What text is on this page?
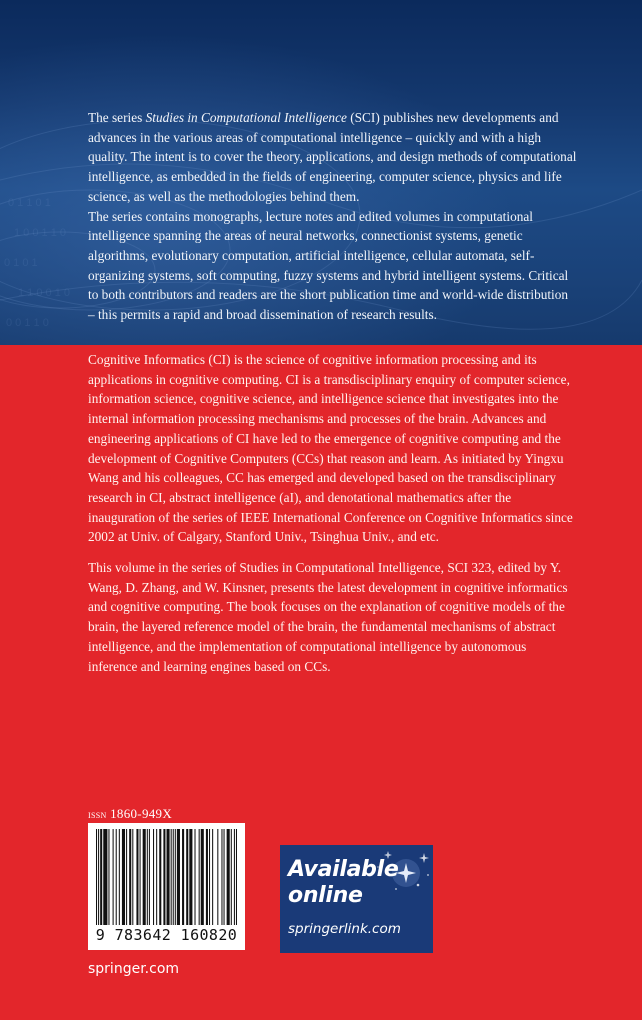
0 1 1 0 1
1 0 0 1 1 0
0 1 0 1
1 1 0 0 1 0
0 0 1 1 0

The series Studies in Computational Intelligence (SCI) publishes new developments and advances in the various areas of computational intelligence – quickly and with a high quality. The intent is to cover the theory, applications, and design methods of computational intelligence, as embedded in the fields of engineering, computer science, physics and life science, as well as the methodologies behind them.

The series contains monographs, lecture notes and edited volumes in computational intelligence spanning the areas of neural networks, connectionist systems, genetic algorithms, evolutionary computation, artificial intelligence, cellular automata, self-organizing systems, soft computing, fuzzy systems and hybrid intelligent systems. Critical to both contributors and readers are the short publication time and world-wide distribution – this permits a rapid and broad dissemination of research results.

Cognitive Informatics (CI) is the science of cognitive information processing and its applications in cognitive computing. CI is a transdisciplinary enquiry of computer science, information science, cognitive science, and intelligence science that investigates into the internal information processing mechanisms and processes of the brain. Advances and engineering applications of CI have led to the emergence of cognitive computing and the development of Cognitive Computers (CCs) that reason and learn. As initiated by Yingxu Wang and his colleagues, CC has emerged and developed based on the transdisciplinary research in CI, abstract intelligence (aI), and denotational mathematics after the inauguration of the series of IEEE International Conference on Cognitive Informatics since 2002 at Univ. of Calgary, Stanford Univ., Tsinghua Univ., and etc.

This volume in the series of Studies in Computational Intelligence, SCI 323, edited by Y. Wang, D. Zhang, and W. Kinsner, presents the latest development in cognitive informatics and cognitive computing. The book focuses on the explanation of cognitive models of the brain, the layered reference model of the brain, the fundamental mechanisms of abstract intelligence, and the implementation of computational intelligence by autonomous inference and learning engines based on CCs.

issn 1860-949X
9 783642 160820
Available
online
springerlink.com
springer.com
